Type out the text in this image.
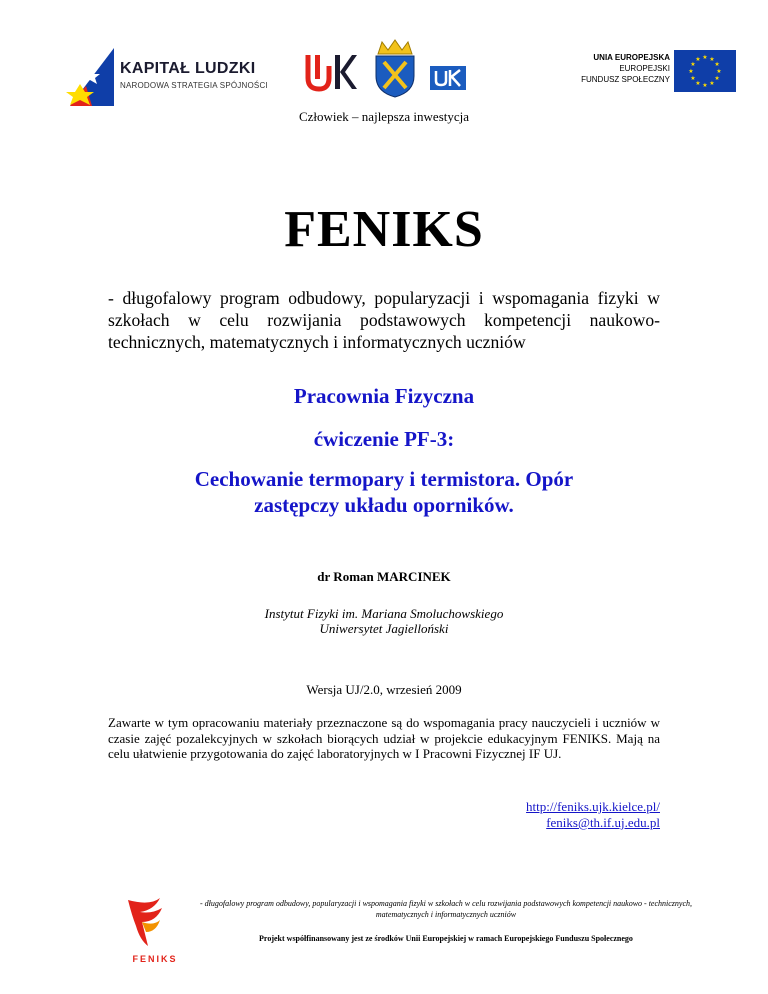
KAPITAŁ LUDZKI
NARODOWA STRATEGIA SPÓJNOŚCI
UNIA EUROPEJSKA
EUROPEJSKI
FUNDUSZ SPOŁECZNY
★ ★
★
★
★
★
★
★
★
★
★
★
Człowiek – najlepsza inwestycja
FENIKS
- długofalowy program odbudowy, popularyzacji i wspomagania fizyki w szkołach w celu rozwijania podstawowych kompetencji naukowo-technicznych, matematycznych i informatycznych uczniów
Pracownia Fizyczna
ćwiczenie PF-3:
Cechowanie termopary i termistora. Opór zastępczy układu oporników.
dr Roman MARCINEK
Instytut Fizyki im. Mariana Smoluchowskiego
Uniwersytet Jagielloński
Wersja UJ/2.0, wrzesień 2009
Zawarte w tym opracowaniu materiały przeznaczone są do wspomagania pracy nauczycieli i uczniów w czasie zajęć pozalekcyjnych w szkołach biorących udział w projekcie edukacyjnym FENIKS. Mają na celu ułatwienie przygotowania do zajęć laboratoryjnych w I Pracowni Fizycznej IF UJ.
http://feniks.ujk.kielce.pl/
feniks@th.if.uj.edu.pl
FENIKS
- długofalowy program odbudowy, popularyzacji i wspomagania fizyki w szkołach w celu rozwijania podstawowych kompetencji naukowo - technicznych, matematycznych i informatycznych uczniów
Projekt współfinansowany jest ze środków Unii Europejskiej w ramach Europejskiego Funduszu Społecznego
